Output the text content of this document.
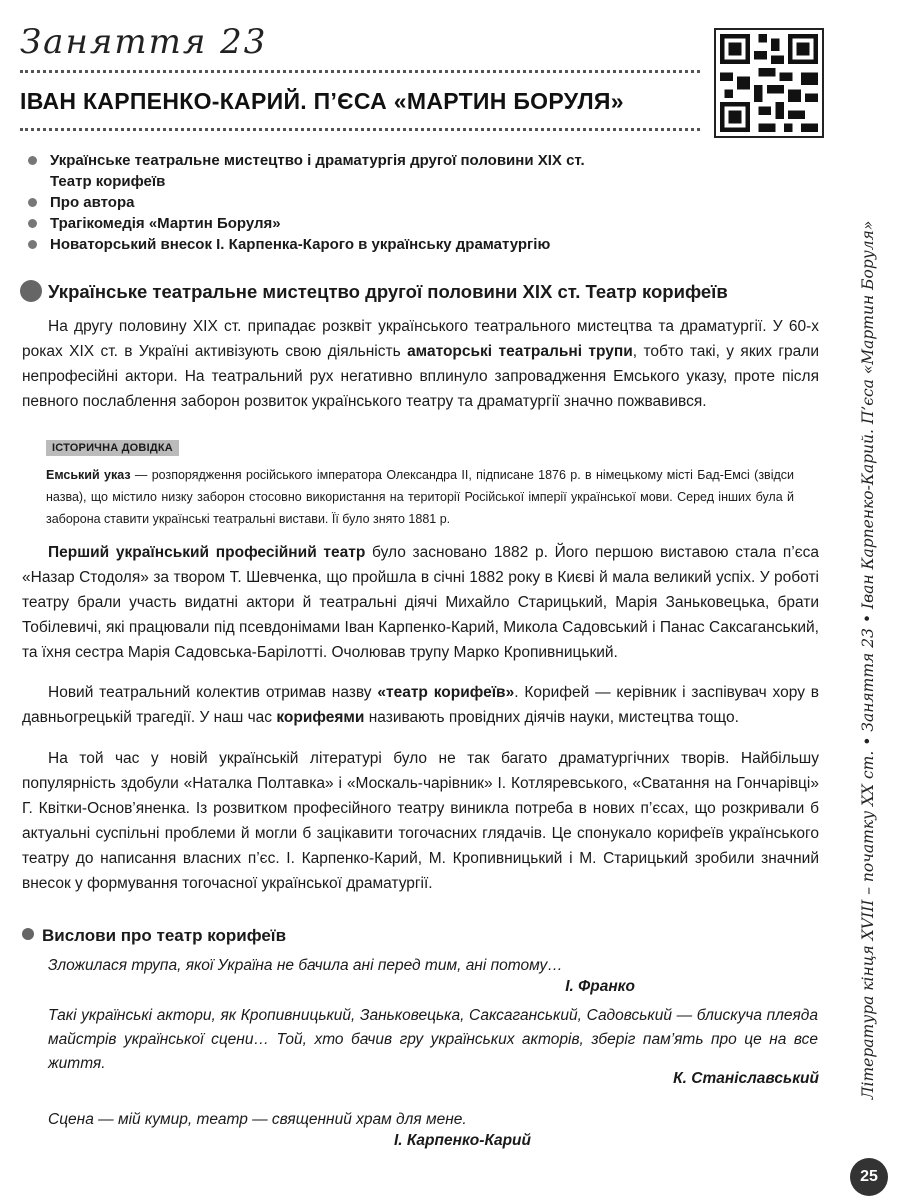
Заняття 23
ІВАН КАРПЕНКО-КАРИЙ. П’ЄСА «МАРТИН БОРУЛЯ»
Українське театральне мистецтво і драматургія другої половини XIX ст.
Театр корифеїв
Про автора
Трагікомедія «Мартин Боруля»
Новаторський внесок І. Карпенка-Карого в українську драматургію
Українське театральне мистецтво другої половини XIX ст. Театр корифеїв

На другу половину XIX ст. припадає розквіт українського театрального мистецтва та драматургії. У 60-х роках XIX ст. в Україні активізують свою діяльність аматорські театральні трупи, тобто такі, у яких грали непрофесійні актори. На театральний рух негативно вплинуло запровадження Емського указу, проте після певного послаблення заборон розвиток українського театру та драматургії значно пожвавився.

ІСТОРИЧНА ДОВІДКА

Емський указ — розпорядження російського імператора Олександра ІІ, підписане 1876 р. в німецькому місті Бад-Емсі (звідси назва), що містило низку заборон стосовно використання на території Російської імперії української мови. Серед інших була й заборона ставити українські театральні вистави. Її було знято 1881 р.

Перший український професійний театр було засновано 1882 р. Його першою виставою стала п’єса «Назар Стодоля» за твором Т. Шевченка, що пройшла в січні 1882 року в Києві й мала великий успіх. У роботі театру брали участь видатні актори й театральні діячі Михайло Старицький, Марія Заньковецька, брати Тобілевичі, які працювали під псевдонімами Іван Карпенко-Карий, Микола Садовський і Панас Саксаганський, та їхня сестра Марія Садовська-Барілотті. Очолював трупу Марко Кропивницький.

Новий театральний колектив отримав назву «театр корифеїв». Корифей — керівник і заспівувач хору в давньогрецькій трагедії. У наш час корифеями називають провідних діячів науки, мистецтва тощо.

На той час у новій українській літературі було не так багато драматургічних творів. Найбільшу популярність здобули «Наталка Полтавка» і «Москаль-чарівник» І. Котляревського, «Сватання на Гончарівці» Г. Квітки-Основ’яненка. Із розвитком професійного театру виникла потреба в нових п’єсах, що розкривали б актуальні суспільні проблеми й могли б зацікавити тогочасних глядачів. Це спонукало корифеїв українського театру до написання власних п’єс. І. Карпенко-Карий, М. Кропивницький і М. Старицький зробили значний внесок у формування тогочасної української драматургії.

Вислови про театр корифеїв

Зложилася трупа, якої Україна не бачила ані перед тим, ані потому…

І. Франко

Такі українські актори, як Кропивницький, Заньковецька, Саксаганський, Садовський — блискуча плеяда майстрів української сцени… Той, хто бачив гру українських акторів, зберіг пам’ять про це на все життя.

К. Станіславський

Сцена — мій кумир, театр — священний храм для мене.

І. Карпенко-Карий
Література кінця XVIII – початку XX ст. • Заняття 23 • Іван Карпенко-Карий. П’єса «Мартин Боруля»
25
